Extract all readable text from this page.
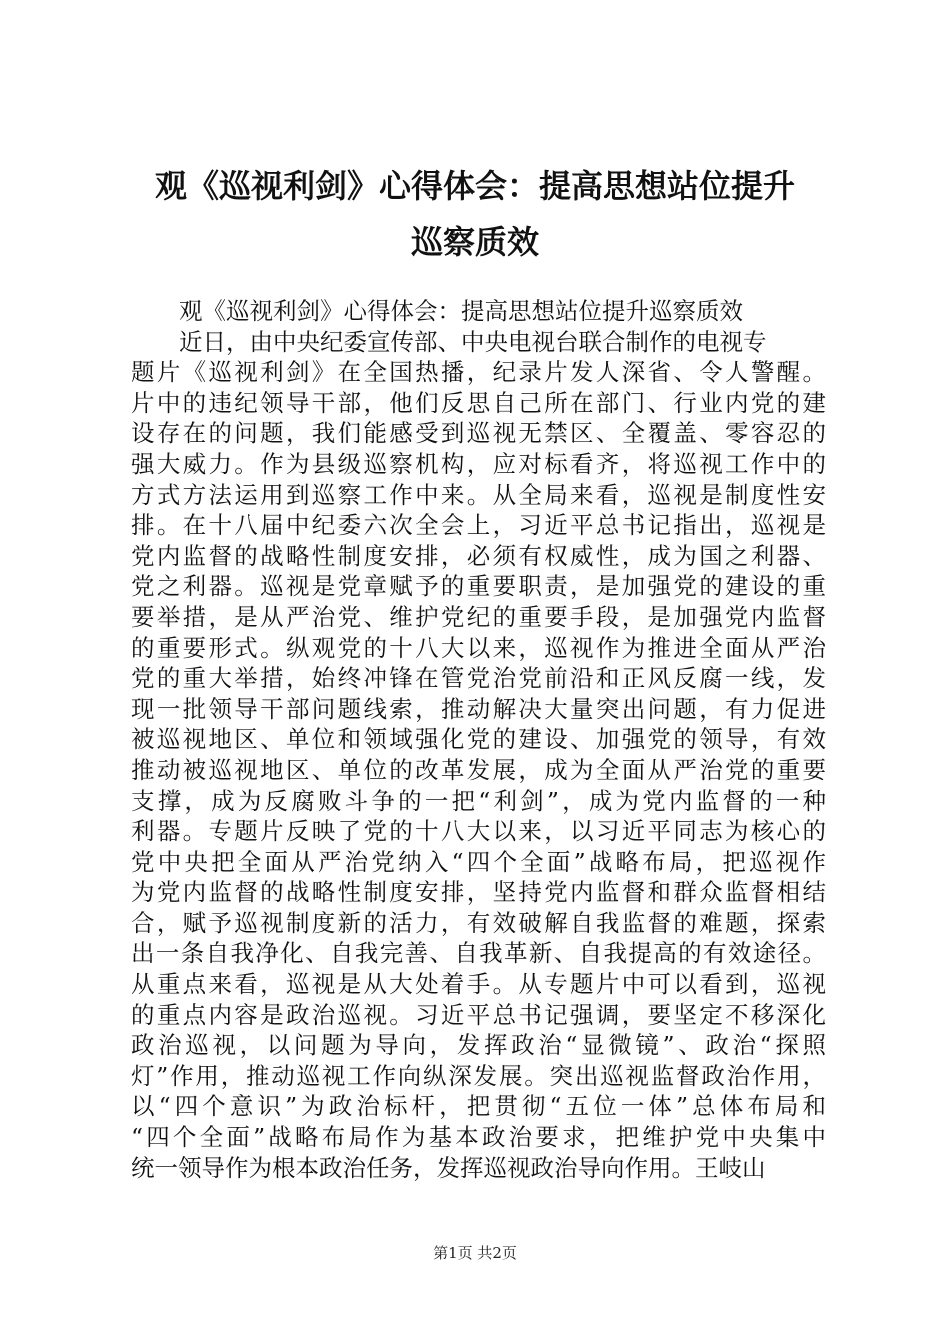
观《巡视利剑》心得体会：提高思想站位提升
巡察质效
观《巡视利剑》心得体会：提高思想站位提升巡察质效
近日，由中央纪委宣传部、中央电视台联合制作的电视专
题片《巡视利剑》在全国热播，纪录片发人深省、令人警醒。
片中的违纪领导干部，他们反思自己所在部门、行业内党的建
设存在的问题，我们能感受到巡视无禁区、全覆盖、零容忍的
强大威力。作为县级巡察机构，应对标看齐，将巡视工作中的
方式方法运用到巡察工作中来。从全局来看，巡视是制度性安
排。在十八届中纪委六次全会上，习近平总书记指出，巡视是
党内监督的战略性制度安排，必须有权威性，成为国之利器、
党之利器。巡视是党章赋予的重要职责，是加强党的建设的重
要举措，是从严治党、维护党纪的重要手段，是加强党内监督
的重要形式。纵观党的十八大以来，巡视作为推进全面从严治
党的重大举措，始终冲锋在管党治党前沿和正风反腐一线，发
现一批领导干部问题线索，推动解决大量突出问题，有力促进
被巡视地区、单位和领域强化党的建设、加强党的领导，有效
推动被巡视地区、单位的改革发展，成为全面从严治党的重要
支撑，成为反腐败斗争的一把“利剑”，成为党内监督的一种
利器。专题片反映了党的十八大以来，以习近平同志为核心的
党中央把全面从严治党纳入“四个全面”战略布局，把巡视作
为党内监督的战略性制度安排，坚持党内监督和群众监督相结
合，赋予巡视制度新的活力，有效破解自我监督的难题，探索
出一条自我净化、自我完善、自我革新、自我提高的有效途径。
从重点来看，巡视是从大处着手。从专题片中可以看到，巡视
的重点内容是政治巡视。习近平总书记强调，要坚定不移深化
政治巡视，以问题为导向，发挥政治“显微镜”、政治“探照
灯”作用，推动巡视工作向纵深发展。突出巡视监督政治作用，
以“四个意识”为政治标杆，把贯彻“五位一体”总体布局和
“四个全面”战略布局作为基本政治要求，把维护党中央集中
统一领导作为根本政治任务，发挥巡视政治导向作用。王岐山
第1页 共2页
